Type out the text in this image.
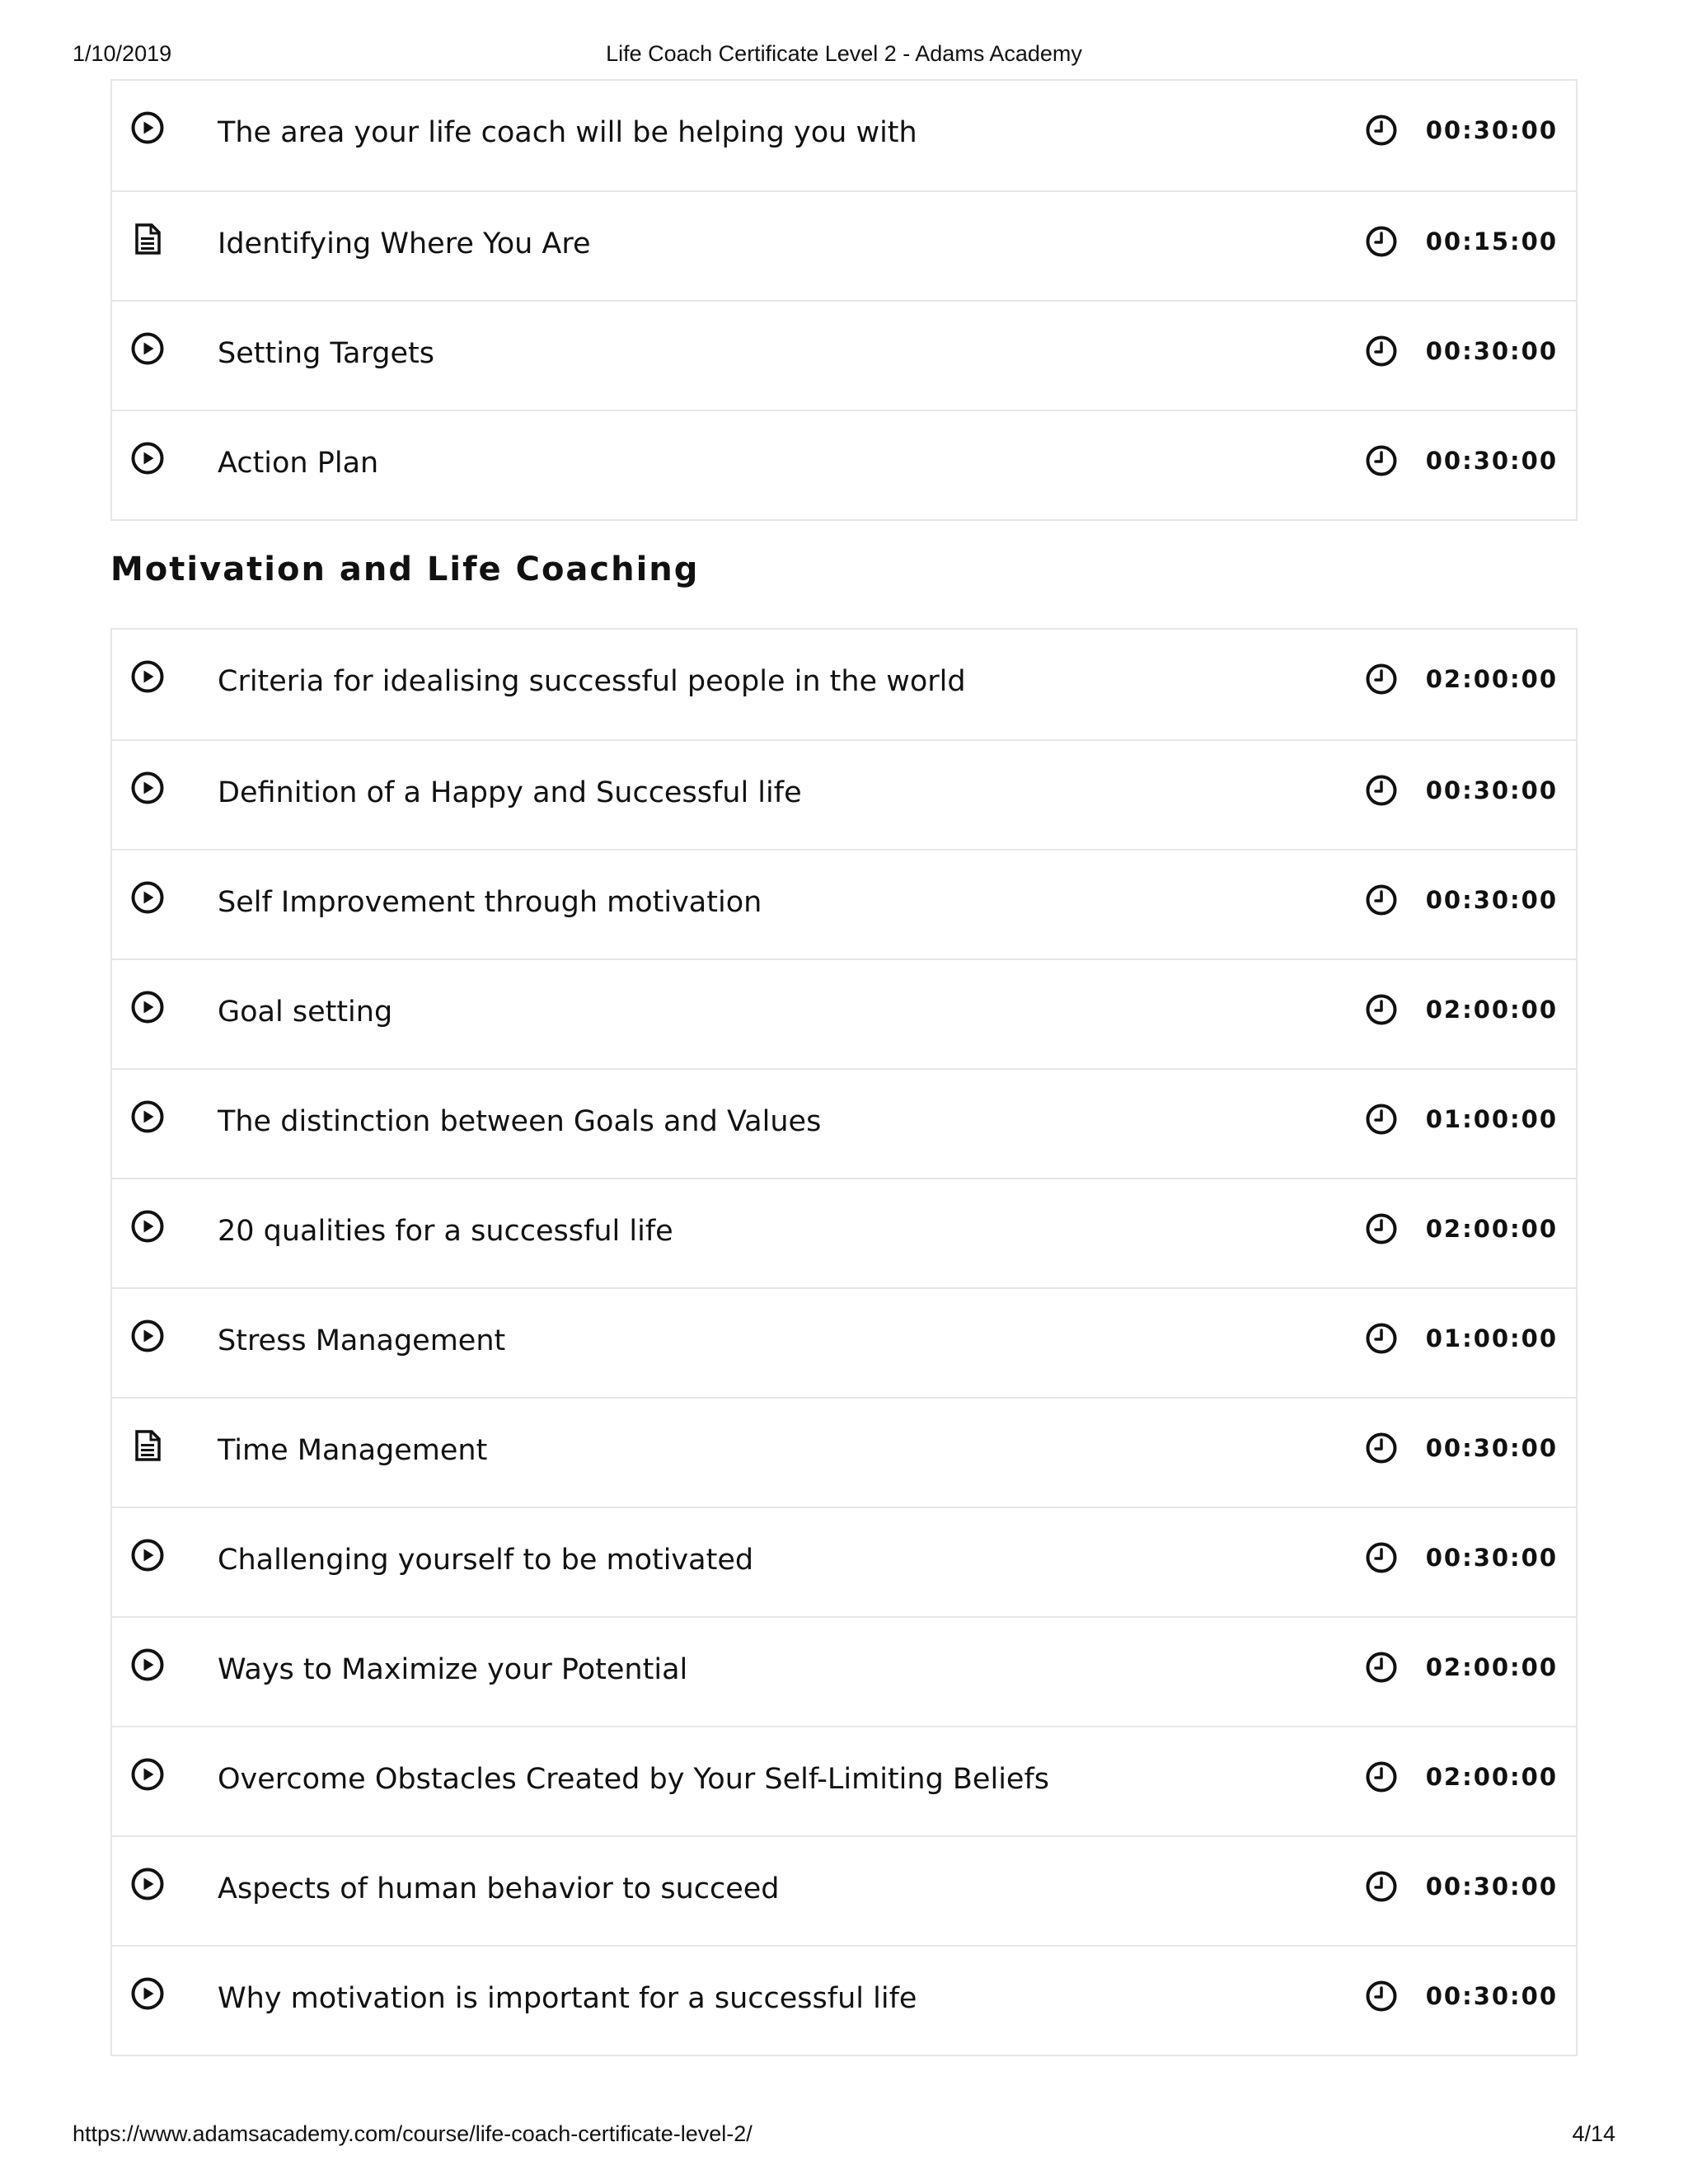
1/10/2019	Life Coach Certificate Level 2 - Adams Academy
The area your life coach will be helping you with	00:30:00
Identifying Where You Are	00:15:00
Setting Targets	00:30:00
Action Plan	00:30:00
Motivation and Life Coaching
Criteria for idealising successful people in the world	02:00:00
Definition of a Happy and Successful life	00:30:00
Self Improvement through motivation	00:30:00
Goal setting	02:00:00
The distinction between Goals and Values	01:00:00
20 qualities for a successful life	02:00:00
Stress Management	01:00:00
Time Management	00:30:00
Challenging yourself to be motivated	00:30:00
Ways to Maximize your Potential	02:00:00
Overcome Obstacles Created by Your Self-Limiting Beliefs	02:00:00
Aspects of human behavior to succeed	00:30:00
Why motivation is important for a successful life	00:30:00
https://www.adamsacademy.com/course/life-coach-certificate-level-2/	4/14
